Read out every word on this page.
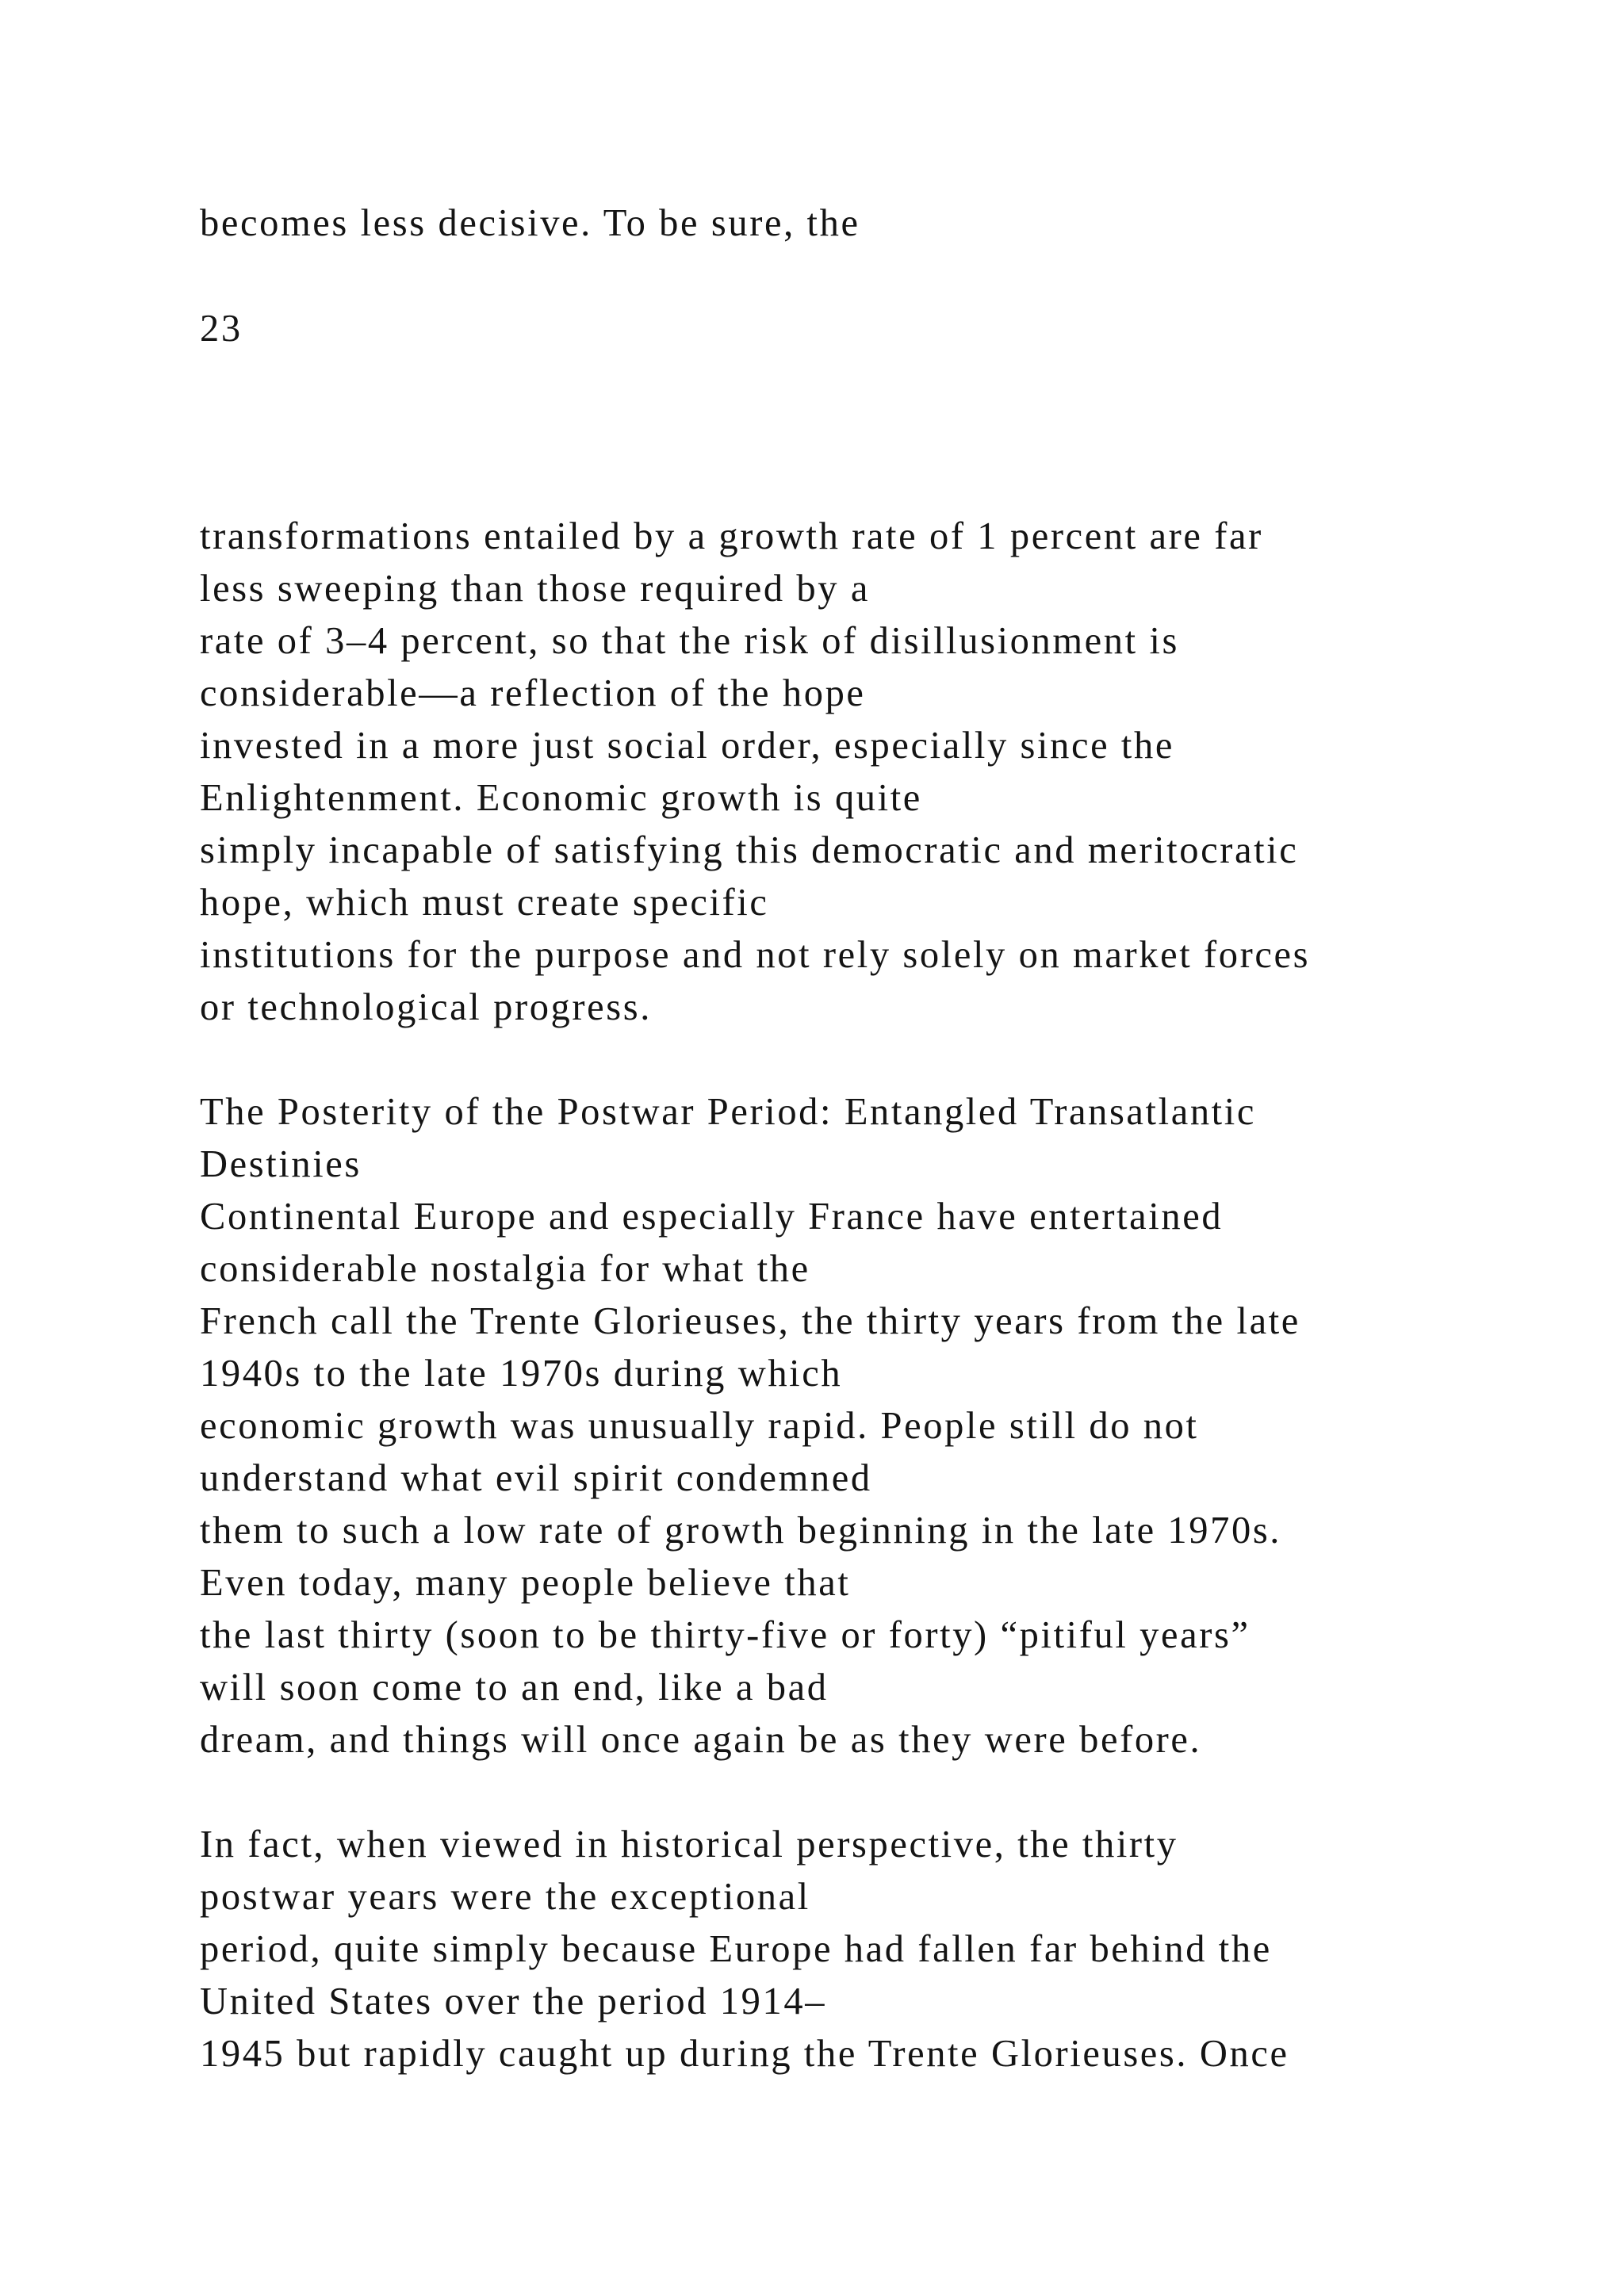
becomes less decisive. To be sure, the

23

transformations entailed by a growth rate of 1 percent are far

less sweeping than those required by a

rate of 3–4 percent, so that the risk of disillusionment is

considerable—a reflection of the hope

invested in a more just social order, especially since the

Enlightenment. Economic growth is quite

simply incapable of satisfying this democratic and meritocratic

hope, which must create specific

institutions for the purpose and not rely solely on market forces

or technological progress.

The Posterity of the Postwar Period: Entangled Transatlantic

Destinies

Continental Europe and especially France have entertained

considerable nostalgia for what the

French call the Trente Glorieuses, the thirty years from the late

1940s to the late 1970s during which

economic growth was unusually rapid. People still do not

understand what evil spirit condemned

them to such a low rate of growth beginning in the late 1970s.

Even today, many people believe that

the last thirty (soon to be thirty-five or forty) “pitiful years”

will soon come to an end, like a bad

dream, and things will once again be as they were before.

In fact, when viewed in historical perspective, the thirty

postwar years were the exceptional

period, quite simply because Europe had fallen far behind the

United States over the period 1914–

1945 but rapidly caught up during the Trente Glorieuses. Once
